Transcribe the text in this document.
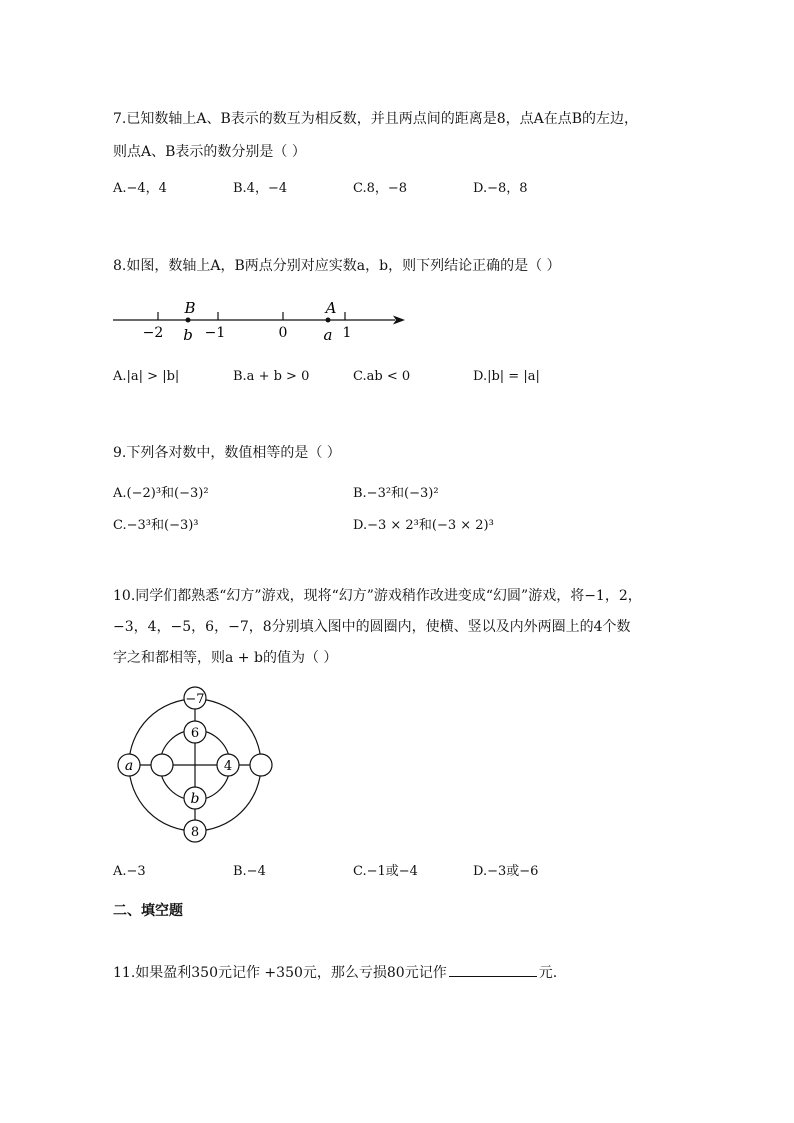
7.已知数轴上A、B表示的数互为相反数，并且两点间的距离是8，点A在点B的左边，
则点A、B表示的数分别是（ ）
A.−4，4	B.4，−4	C.8，−8	D.−8，8
8.如图，数轴上A，B两点分别对应实数a，b，则下列结论正确的是（ ）
B	A
−2 b −1	0 a 1
A.|a| > |b|	B.a + b > 0	C.ab < 0	D.|b| = |a|
9.下列各对数中，数值相等的是（ ）
A.(−2)³和(−3)²	B.−3²和(−3)²
C.−3³和(−3)³	D.−3 × 2³和(−3 × 2)³
10.同学们都熟悉“幻方”游戏，现将“幻方”游戏稍作改进变成“幻圆”游戏，将−1，2，
−3，4，−5，6，−7，8分别填入图中的圆圈内，使横、竖以及内外两圈上的4个数
字之和都相等，则a + b的值为（ ）
−7
6
a	4
b
8
A.−3	B.−4	C.−1或−4	D.−3或−6
二、填空题
11.如果盈利350元记作 +350元，那么亏损80元记作	元.
